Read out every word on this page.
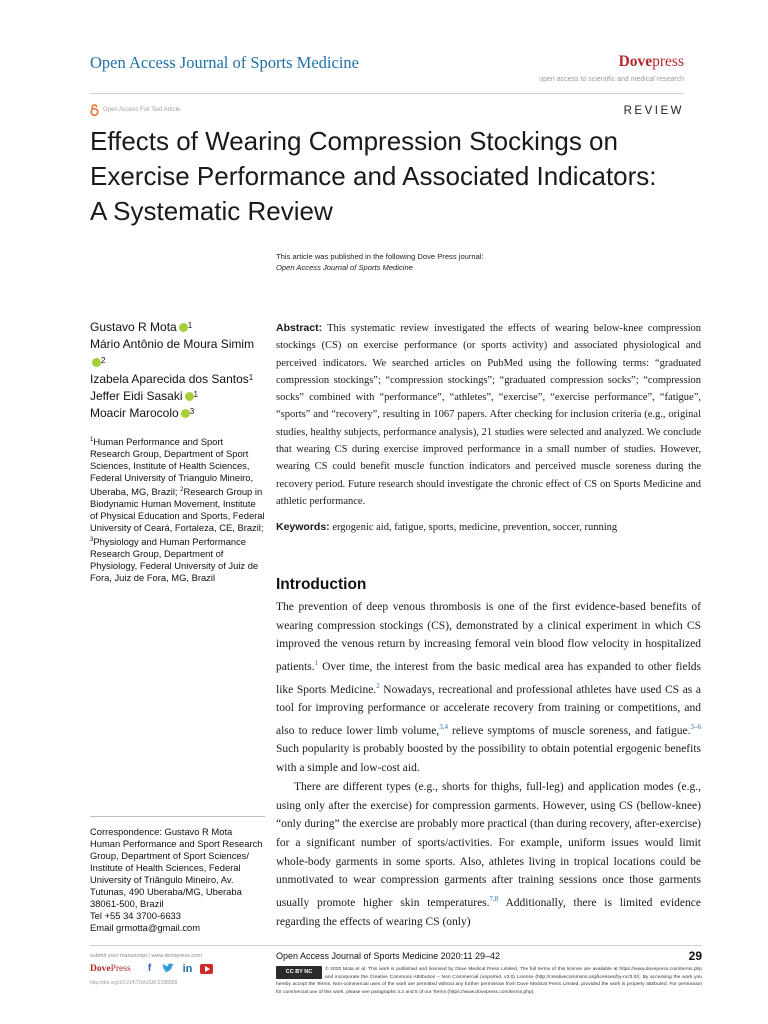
Open Access Journal of Sports Medicine	Dovepress
open access to scientific and medical research
Open Access Full Text Article	REVIEW
Effects of Wearing Compression Stockings on
Exercise Performance and Associated Indicators:
A Systematic Review
This article was published in the following Dove Press journal:
Open Access Journal of Sports Medicine
Gustavo R Mota $^1$
Mário Antônio de Moura Simim$^2$
Izabela Aparecida dos Santos$^1$
Jeffer Eidi Sasaki $^1$
Moacir Marocolo $^3$
$^1$Human Performance and Sport Research Group, Department of Sport Sciences, Institute of Health Sciences, Federal University of Triangulo Mineiro, Uberaba, MG, Brazil; $^2$Research Group in Biodynamic Human Movement, Institute of Physical Education and Sports, Federal University of Ceará, Fortaleza, CE, Brazil; $^3$Physiology and Human Performance Research Group, Department of Physiology, Federal University of Juiz de Fora, Juiz de Fora, MG, Brazil
Correspondence: Gustavo R Mota
Human Performance and Sport Research
Group, Department of Sport Sciences/
Institute of Health Sciences, Federal
University of Triângulo Mineiro, Av.
Tutunas, 490 Uberaba/MG, Uberaba
38061-500, Brazil
Tel +55 34 3700-6633
Email grmotta@gmail.com
Abstract: This systematic review investigated the effects of wearing below-knee compression stockings (CS) on exercise performance (or sports activity) and associated physiological and perceived indicators. We searched articles on PubMed using the following terms: “graduated compression stockings”; “compression stockings”; “graduated compression socks”; “compression socks” combined with “performance”, “athletes”, “exercise”, “exercise performance”, “fatigue”, “sports” and “recovery”, resulting in 1067 papers. After checking for inclusion criteria (e.g., original studies, healthy subjects, performance analysis), 21 studies were selected and analyzed. We conclude that wearing CS during exercise improved performance in a small number of studies. However, wearing CS could benefit muscle function indicators and perceived muscle soreness during the recovery period. Future research should investigate the chronic effect of CS on Sports Medicine and athletic performance.
Keywords: ergogenic aid, fatigue, sports, medicine, prevention, soccer, running
Introduction

The prevention of deep venous thrombosis is one of the first evidence-based benefits of wearing compression stockings (CS), demonstrated by a clinical experiment in which CS improved the venous return by increasing femoral vein blood flow velocity in hospitalized patients.$^1$ Over time, the interest from the basic medical area has expanded to other fields like Sports Medicine.$^2$ Nowadays, recreational and professional athletes have used CS as a tool for improving performance or accelerate recovery from training or competitions, and also to reduce lower limb volume,$^{3,4}$ relieve symptoms of muscle soreness, and fatigue.$^{3-6}$ Such popularity is probably boosted by the possibility to obtain potential ergogenic benefits with a simple and low-cost aid.

There are different types (e.g., shorts for thighs, full-leg) and application modes (e.g., using only after the exercise) for compression garments. However, using CS (bellow-knee) “only during” the exercise are probably more practical (than during recovery, after-exercise) for a significant number of sports/activities. For example, uniform issues would limit whole-body garments in some sports. Also, athletes living in tropical locations could be unmotivated to wear compression garments after training sessions once those garments usually promote higher skin temperatures.$^{7,8}$ Additionally, there is limited evidence regarding the effects of wearing CS (only)

submit your manuscript | www.dovepress.com
DovePress	f	in
http://doi.org/10.2147/OAJSM.S198809
Open Access Journal of Sports Medicine 2020:11 29–42	29
CC BY NC	© 2020 Mota et al. This work is published and licensed by Dove Medical Press Limited. The full terms of this license are available at https://www.dovepress.com/terms.php and incorporate the Creative Commons Attribution – Non Commercial (unported, v3.0) License (http://creativecommons.org/licenses/by-nc/3.0/). By accessing the work you hereby accept the Terms. Non-commercial uses of the work are permitted without any further permission from Dove Medical Press Limited, provided the work is properly attributed. For permission for commercial use of this work, please see paragraphs 4.2 and 5 of our Terms (https://www.dovepress.com/terms.php).
